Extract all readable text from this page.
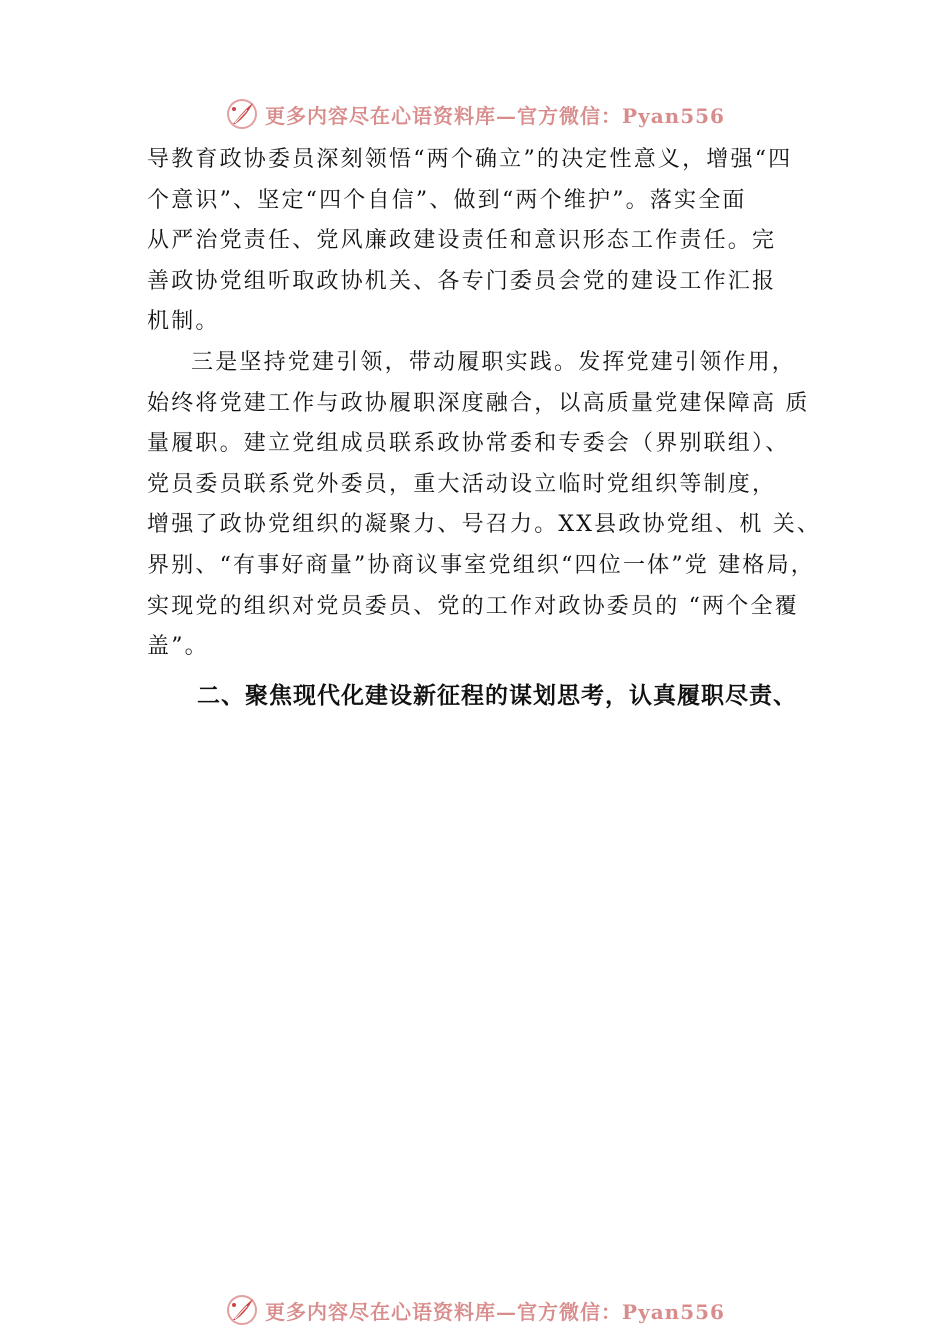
更多内容尽在心语资料库—官方微信：Pyan556
导教育政协委员深刻领悟“两个确立”的决定性意义，增强“四
个意识”、坚定“四个自信”、做到“两个维护”。落实全面
从严治党责任、党风廉政建设责任和意识形态工作责任。完
善政协党组听取政协机关、各专门委员会党的建设工作汇报
机制。
三是坚持党建引领，带动履职实践。发挥党建引领作用，
始终将党建工作与政协履职深度融合，以高质量党建保障高 质
量履职。建立党组成员联系政协常委和专委会（界别联组）、
党员委员联系党外委员，重大活动设立临时党组织等制度，
增强了政协党组织的凝聚力、号召力。XX县政协党组、机 关、
界别、“有事好商量”协商议事室党组织“四位一体”党 建格局，
实现党的组织对党员委员、党的工作对政协委员的 “两个全覆
盖”。
二、聚焦现代化建设新征程的谋划思考，认真履职尽责、
更多内容尽在心语资料库—官方微信：Pyan556
